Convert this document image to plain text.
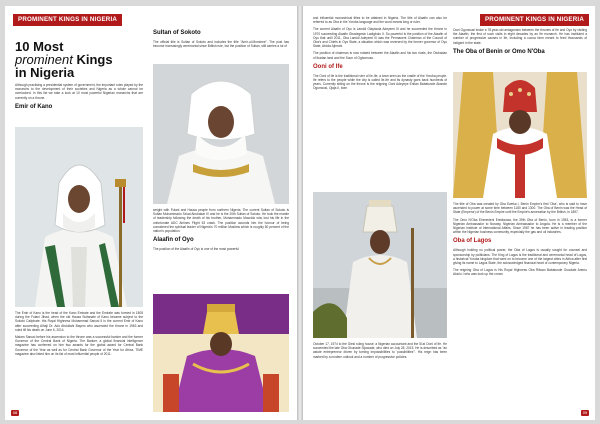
PROMINENT KINGS IN NIGERIA
10 Most
prominent Kings
in Nigeria

Although practising a presidential system of government, the important roles played by the monarchs to the development of their societies and Nigeria as a whole cannot be overlooked. In this list we take a look at 10 most powerful Nigerian monarchs that are currently on a throne.

Emir of Kano

The Emir of Kano is the head of the Kano Emirate and the Emirate was formed in 1805 during the Fulani Jihad, when the old Hausa Sultanate of Kano became subject to the Sokoto Caliphate. His Royal Highness Muhammad Sanusi II is the current Emir of Kano after succeeding Alhaji Dr. Ado Abdullahi Bayero who ascended the throne in 1963 and ruled till his death on June 6, 2014.

Malam Sanusi before his ascension to the throne was a successful banker and the former Governor of the Central Bank of Nigeria. The Banker, a global financial intelligence magazine has conferred on him two awards for the global award for Central Bank Governor of the Year as well as for Central Bank Governor of the Year for Africa. TIME magazine also listed him on its list of most influential people of 2011.

Sultan of Sokoto

The official title is Sultan of Sokoto and includes the title "Amir-ul-Mominee". The post has become increasingly ceremonial since British rule, but the position of Sultan, still carries a lot of

weight with Fulani and Hausa people from northern Nigeria. The current Sultan of Sokoto is Sultan Muhammadu Sa'ad Abubakar IV and he is the 20th Sultan of Sokoto. He took the mantle of leadership following the death of his brother, Muhammadu Maccido who lost his life in the unfortunate ADC Airlines Flight 53 crash. The position accords him the honour of being considered the spiritual leader of Nigeria's 70 million Muslims which is roughly 50 percent of the nation's population.

Alaafin of Oyo

The position of the Alaafin of Oyo is one of the most powerful

08
PROMINENT KINGS IN NIGERIA

and influential monarchical titles to be attained in Nigeria. The title of Alaafin can also be referred to as Oba in the Yoruba language and the word means king or ruler.

The current Alaafin of Oyo is Lamidi Olayiwola Adeyemi III and he succeeded the throne in 1970 succeeding Alaafin Gbadegesin Ladigbolu II. So powerful is the position of the Alaafin of Oyo that until 2011, Oba Lamidi Adeyemi III was the Permanent Chairman of the Council of Oba's and Chiefs in Oyo State, a situation which was reversed by the former governor of Oyo State, Abiola Ajimobi.

The position of chairman is now rotated between the Alaafin and his two rivals, the Olubadan of Ibadan land and the Soun of Ogbomoso.

Ooni of Ife

The Ooni of Ife is the traditional ruler of Ile-Ife, a town seen as the cradle of the Yoruba people. Ife refers to the people while the city is called Ile-Ife and its dynasty goes back hundreds of years. Currently sitting on the throne is the reigning Ooni Adeyeye Enitan Babatunde Akande Ogunwusi, Ojaja II, born

October 17, 1974 to the Giesi ruling house; a Nigerian accountant and the 51st Ooni of Ife. He succeeded the late Oba Okunade Sijuwade, who died on July 28, 2015. He is described as "an astute entrepreneur driven by turning impossibilities to 'possibilities'". His reign has been marked by a modern outlook and a number of progressive policies.

Ooni Ogunwusi broke a 78 year-old antagonism between the thrones of Ife and Oyo by visiting the Alaafin, the first of such visits in eight decades by an Ife monarch. He has instituted a number of progressive causes in Ife, including a cocoa farm meant to feed thousands of indigent in the state.

The Oba of Benin or Omo N'Oba

The title of Oba was created by Oba Eweka I, Benin Empire's first 'Oba', who is said to have ascended to power at some time between 1180 and 1300. The Oba of Benin was the Head of State (Emperor) of the Benin Empire until the Empire's annexation by the British, in 1897.

The Omo N'Oba Ehenedeni Erediauwa, the 39th Oba of Benin, born in 1953, is a former Nigerian Ambassador to Norway, Nigerian Ambassador to Angola. He is a member of the Nigerian Institute of International Affairs. Since 1987 he has been active in leading position within the Nigerian business community, especially the gas and oil industries.

Oba of Lagos

Although holding no political power, the Oba of Lagos is usually sought for counsel and sponsorship by politicians. The King of Lagos is the traditional and ceremonial head of Lagos, a historical Yoruba kingdom that went on to become one of the largest cities in Africa after first giving its name to Lagos State, the acknowledged financial heart of contemporary Nigeria.

The reigning Oba of Lagos is His Royal Highness Oba Rilwan Babatunde Osuolale Aremu Akiolu I who was took up the crown

09
